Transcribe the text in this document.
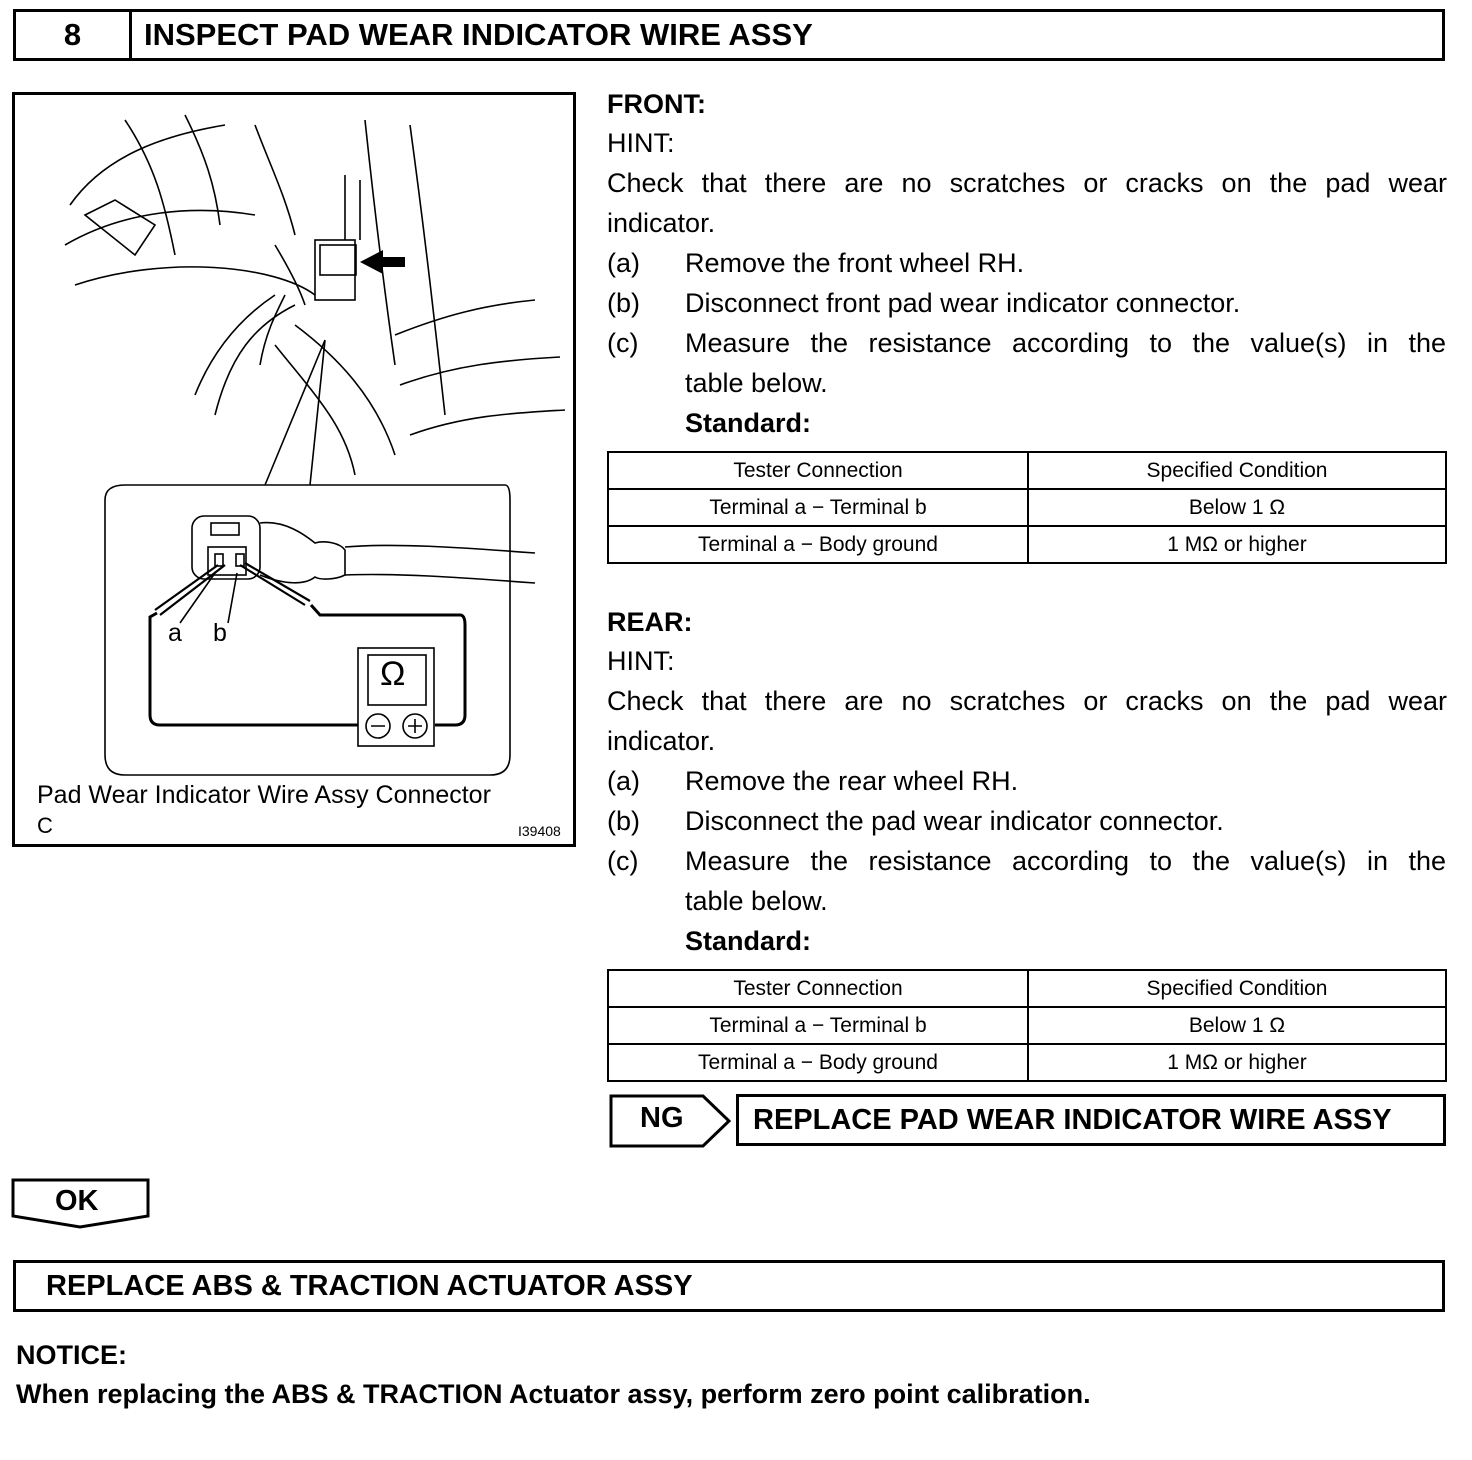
8	INSPECT PAD WEAR INDICATOR WIRE ASSY
a b
Ω
Pad Wear Indicator Wire Assy Connector
C	I39408
FRONT:
HINT:
Check that there are no scratches or cracks on the pad wear
indicator.
(a) Remove the front wheel RH.
(b) Disconnect front pad wear indicator connector.
(c) Measure the resistance according to the value(s) in the
table below.
Standard:
Tester Connection	Specified Condition
Terminal a − Terminal b	Below 1 Ω
Terminal a − Body ground	1 MΩ or higher
REAR:
HINT:
Check that there are no scratches or cracks on the pad wear
indicator.
(a) Remove the rear wheel RH.
(b) Disconnect the pad wear indicator connector.
(c) Measure the resistance according to the value(s) in the
table below.
Standard:
Tester Connection	Specified Condition
Terminal a − Terminal b	Below 1 Ω
Terminal a − Body ground	1 MΩ or higher
NG REPLACE PAD WEAR INDICATOR WIRE ASSY
OK
REPLACE ABS & TRACTION ACTUATOR ASSY
NOTICE:
When replacing the ABS & TRACTION Actuator assy, perform zero point calibration.
